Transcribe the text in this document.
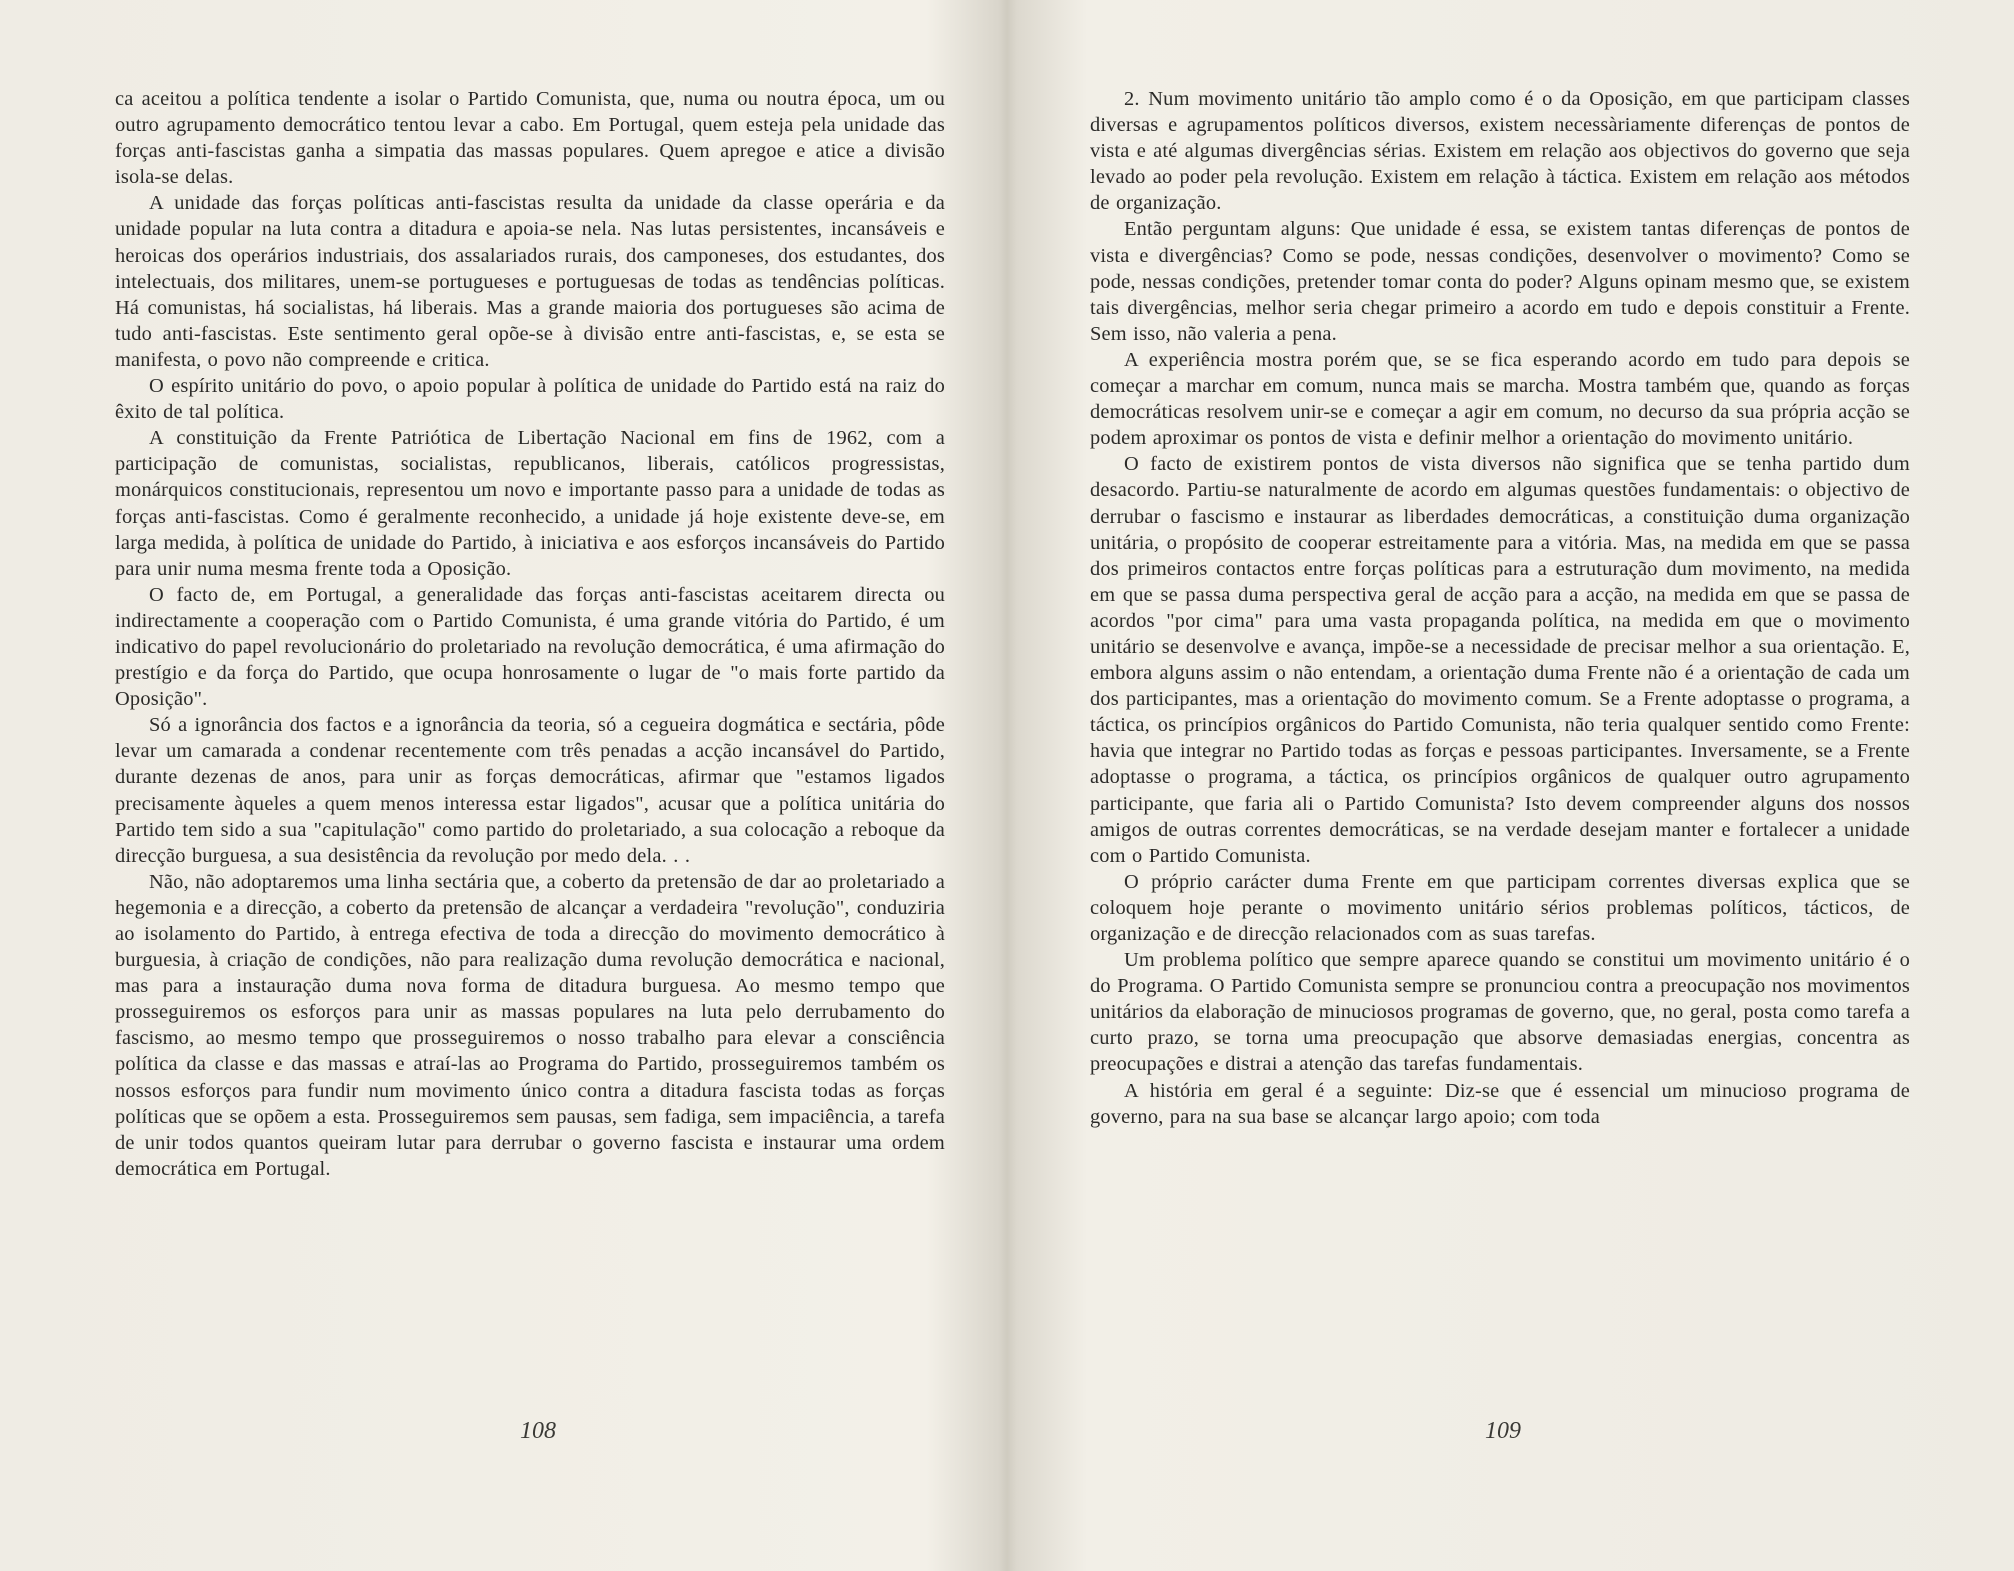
ca aceitou a política tendente a isolar o Partido Comunista, que, numa ou noutra época, um ou outro agrupamento democrático tentou levar a cabo. Em Portugal, quem esteja pela unidade das forças anti-fascistas ganha a simpatia das massas populares. Quem apregoe e atice a divisão isola-se delas.

A unidade das forças políticas anti-fascistas resulta da unidade da classe operária e da unidade popular na luta contra a ditadura e apoia-se nela. Nas lutas persistentes, incansáveis e heroicas dos operários industriais, dos assalariados rurais, dos camponeses, dos estudantes, dos intelectuais, dos militares, unem-se portugueses e portuguesas de todas as tendências políticas. Há comunistas, há socialistas, há liberais. Mas a grande maioria dos portugueses são acima de tudo anti-fascistas. Este sentimento geral opõe-se à divisão entre anti-fascistas, e, se esta se manifesta, o povo não compreende e critica.

O espírito unitário do povo, o apoio popular à política de unidade do Partido está na raiz do êxito de tal política.

A constituição da Frente Patriótica de Libertação Nacional em fins de 1962, com a participação de comunistas, socialistas, republicanos, liberais, católicos progressistas, monárquicos constitucionais, representou um novo e importante passo para a unidade de todas as forças anti-fascistas. Como é geralmente reconhecido, a unidade já hoje existente deve-se, em larga medida, à política de unidade do Partido, à iniciativa e aos esforços incansáveis do Partido para unir numa mesma frente toda a Oposição.

O facto de, em Portugal, a generalidade das forças anti-fascistas aceitarem directa ou indirectamente a cooperação com o Partido Comunista, é uma grande vitória do Partido, é um indicativo do papel revolucionário do proletariado na revolução democrática, é uma afirmação do prestígio e da força do Partido, que ocupa honrosamente o lugar de "o mais forte partido da Oposição".

Só a ignorância dos factos e a ignorância da teoria, só a cegueira dogmática e sectária, pôde levar um camarada a condenar recentemente com três penadas a acção incansável do Partido, durante dezenas de anos, para unir as forças democráticas, afirmar que "estamos ligados precisamente àqueles a quem menos interessa estar ligados", acusar que a política unitária do Partido tem sido a sua "capitulação" como partido do proletariado, a sua colocação a reboque da direcção burguesa, a sua desistência da revolução por medo dela. . .

Não, não adoptaremos uma linha sectária que, a coberto da pretensão de dar ao proletariado a hegemonia e a direcção, a coberto da pretensão de alcançar a verdadeira "revolução", conduziria ao isolamento do Partido, à entrega efectiva de toda a direcção do movimento democrático à burguesia, à criação de condições, não para realização duma revolução democrática e nacional, mas para a instauração duma nova forma de ditadura burguesa. Ao mesmo tempo que prosseguiremos os esforços para unir as massas populares na luta pelo derrubamento do fascismo, ao mesmo tempo que prosseguiremos o nosso trabalho para elevar a consciência política da classe e das massas e atraí-las ao Programa do Partido, prosseguiremos também os nossos esforços para fundir num movimento único contra a ditadura fascista todas as forças políticas que se opõem a esta. Prosseguiremos sem pausas, sem fadiga, sem impaciência, a tarefa de unir todos quantos queiram lutar para derrubar o governo fascista e instaurar uma ordem democrática em Portugal.

108

2. Num movimento unitário tão amplo como é o da Oposição, em que participam classes diversas e agrupamentos políticos diversos, existem necessàriamente diferenças de pontos de vista e até algumas divergências sérias. Existem em relação aos objectivos do governo que seja levado ao poder pela revolução. Existem em relação à táctica. Existem em relação aos métodos de organização.

Então perguntam alguns: Que unidade é essa, se existem tantas diferenças de pontos de vista e divergências? Como se pode, nessas condições, desenvolver o movimento? Como se pode, nessas condições, pretender tomar conta do poder? Alguns opinam mesmo que, se existem tais divergências, melhor seria chegar primeiro a acordo em tudo e depois constituir a Frente. Sem isso, não valeria a pena.

A experiência mostra porém que, se se fica esperando acordo em tudo para depois se começar a marchar em comum, nunca mais se marcha. Mostra também que, quando as forças democráticas resolvem unir-se e começar a agir em comum, no decurso da sua própria acção se podem aproximar os pontos de vista e definir melhor a orientação do movimento unitário.

O facto de existirem pontos de vista diversos não significa que se tenha partido dum desacordo. Partiu-se naturalmente de acordo em algumas questões fundamentais: o objectivo de derrubar o fascismo e instaurar as liberdades democráticas, a constituição duma organização unitária, o propósito de cooperar estreitamente para a vitória. Mas, na medida em que se passa dos primeiros contactos entre forças políticas para a estruturação dum movimento, na medida em que se passa duma perspectiva geral de acção para a acção, na medida em que se passa de acordos "por cima" para uma vasta propaganda política, na medida em que o movimento unitário se desenvolve e avança, impõe-se a necessidade de precisar melhor a sua orientação. E, embora alguns assim o não entendam, a orientação duma Frente não é a orientação de cada um dos participantes, mas a orientação do movimento comum. Se a Frente adoptasse o programa, a táctica, os princípios orgânicos do Partido Comunista, não teria qualquer sentido como Frente: havia que integrar no Partido todas as forças e pessoas participantes. Inversamente, se a Frente adoptasse o programa, a táctica, os princípios orgânicos de qualquer outro agrupamento participante, que faria ali o Partido Comunista? Isto devem compreender alguns dos nossos amigos de outras correntes democráticas, se na verdade desejam manter e fortalecer a unidade com o Partido Comunista.

O próprio carácter duma Frente em que participam correntes diversas explica que se coloquem hoje perante o movimento unitário sérios problemas políticos, tácticos, de organização e de direcção relacionados com as suas tarefas.

Um problema político que sempre aparece quando se constitui um movimento unitário é o do Programa. O Partido Comunista sempre se pronunciou contra a preocupação nos movimentos unitários da elaboração de minuciosos programas de governo, que, no geral, posta como tarefa a curto prazo, se torna uma preocupação que absorve demasiadas energias, concentra as preocupações e distrai a atenção das tarefas fundamentais.

A história em geral é a seguinte: Diz-se que é essencial um minucioso programa de governo, para na sua base se alcançar largo apoio; com toda

109
